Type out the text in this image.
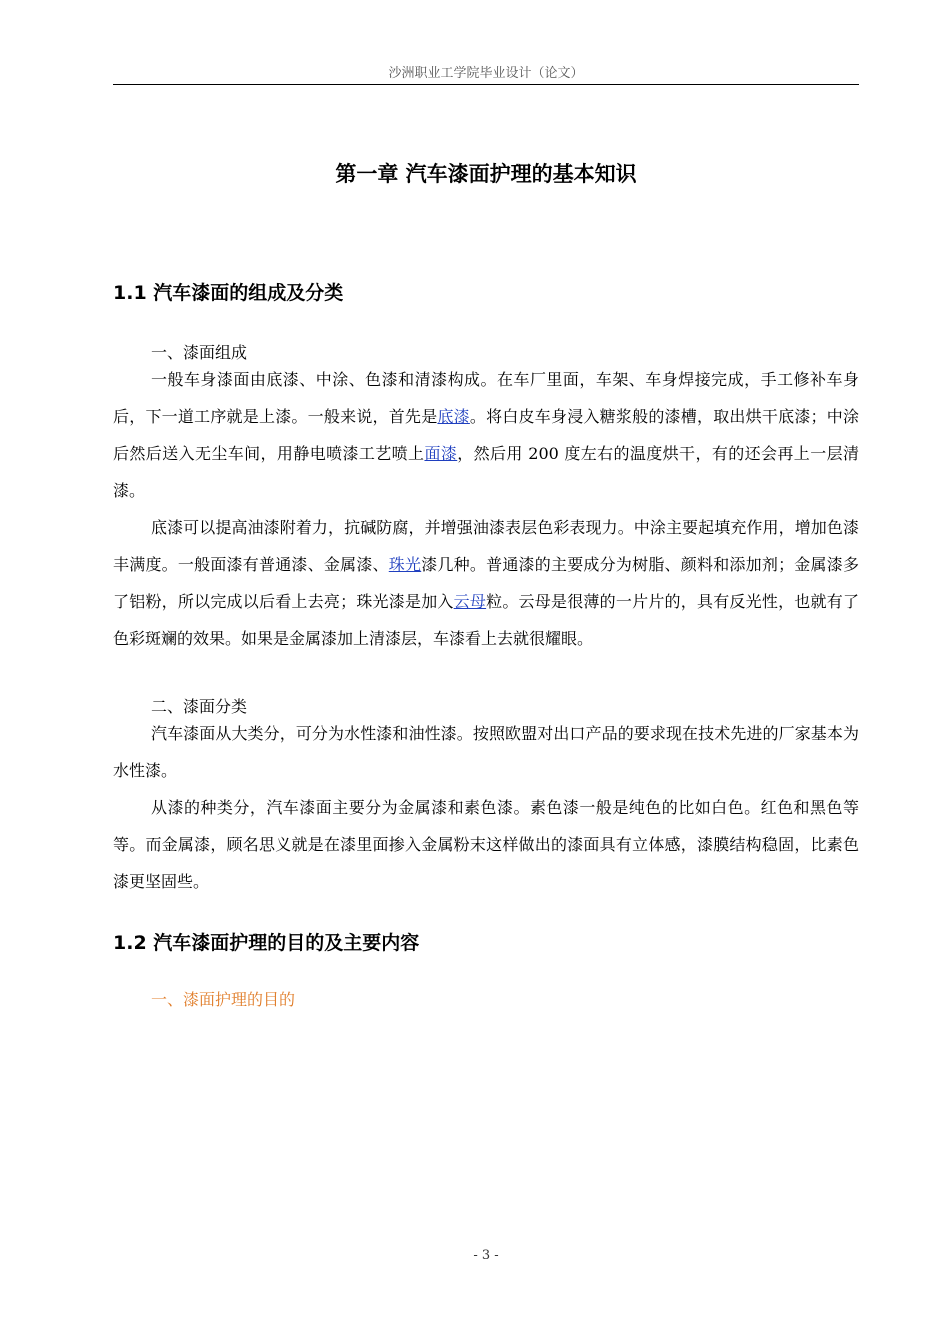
沙洲职业工学院毕业设计（论文）
第一章 汽车漆面护理的基本知识
1.1 汽车漆面的组成及分类
一、漆面组成

一般车身漆面由底漆、中涂、色漆和清漆构成。在车厂里面，车架、车身焊接完成，手工修补车身后，下一道工序就是上漆。一般来说，首先是底漆。将白皮车身浸入糖浆般的漆槽，取出烘干底漆；中涂后然后送入无尘车间，用静电喷漆工艺喷上面漆，然后用 200 度左右的温度烘干，有的还会再上一层清漆。

底漆可以提高油漆附着力，抗碱防腐，并增强油漆表层色彩表现力。中涂主要起填充作用，增加色漆丰满度。一般面漆有普通漆、金属漆、珠光漆几种。普通漆的主要成分为树脂、颜料和添加剂；金属漆多了铝粉，所以完成以后看上去亮；珠光漆是加入云母粒。云母是很薄的一片片的，具有反光性，也就有了色彩斑斓的效果。如果是金属漆加上清漆层，车漆看上去就很耀眼。

二、漆面分类

汽车漆面从大类分，可分为水性漆和油性漆。按照欧盟对出口产品的要求现在技术先进的厂家基本为水性漆。

从漆的种类分，汽车漆面主要分为金属漆和素色漆。素色漆一般是纯色的比如白色。红色和黑色等等。而金属漆，顾名思义就是在漆里面掺入金属粉末这样做出的漆面具有立体感，漆膜结构稳固，比素色漆更坚固些。

1.2 汽车漆面护理的目的及主要内容
一、漆面护理的目的
- 3 -
